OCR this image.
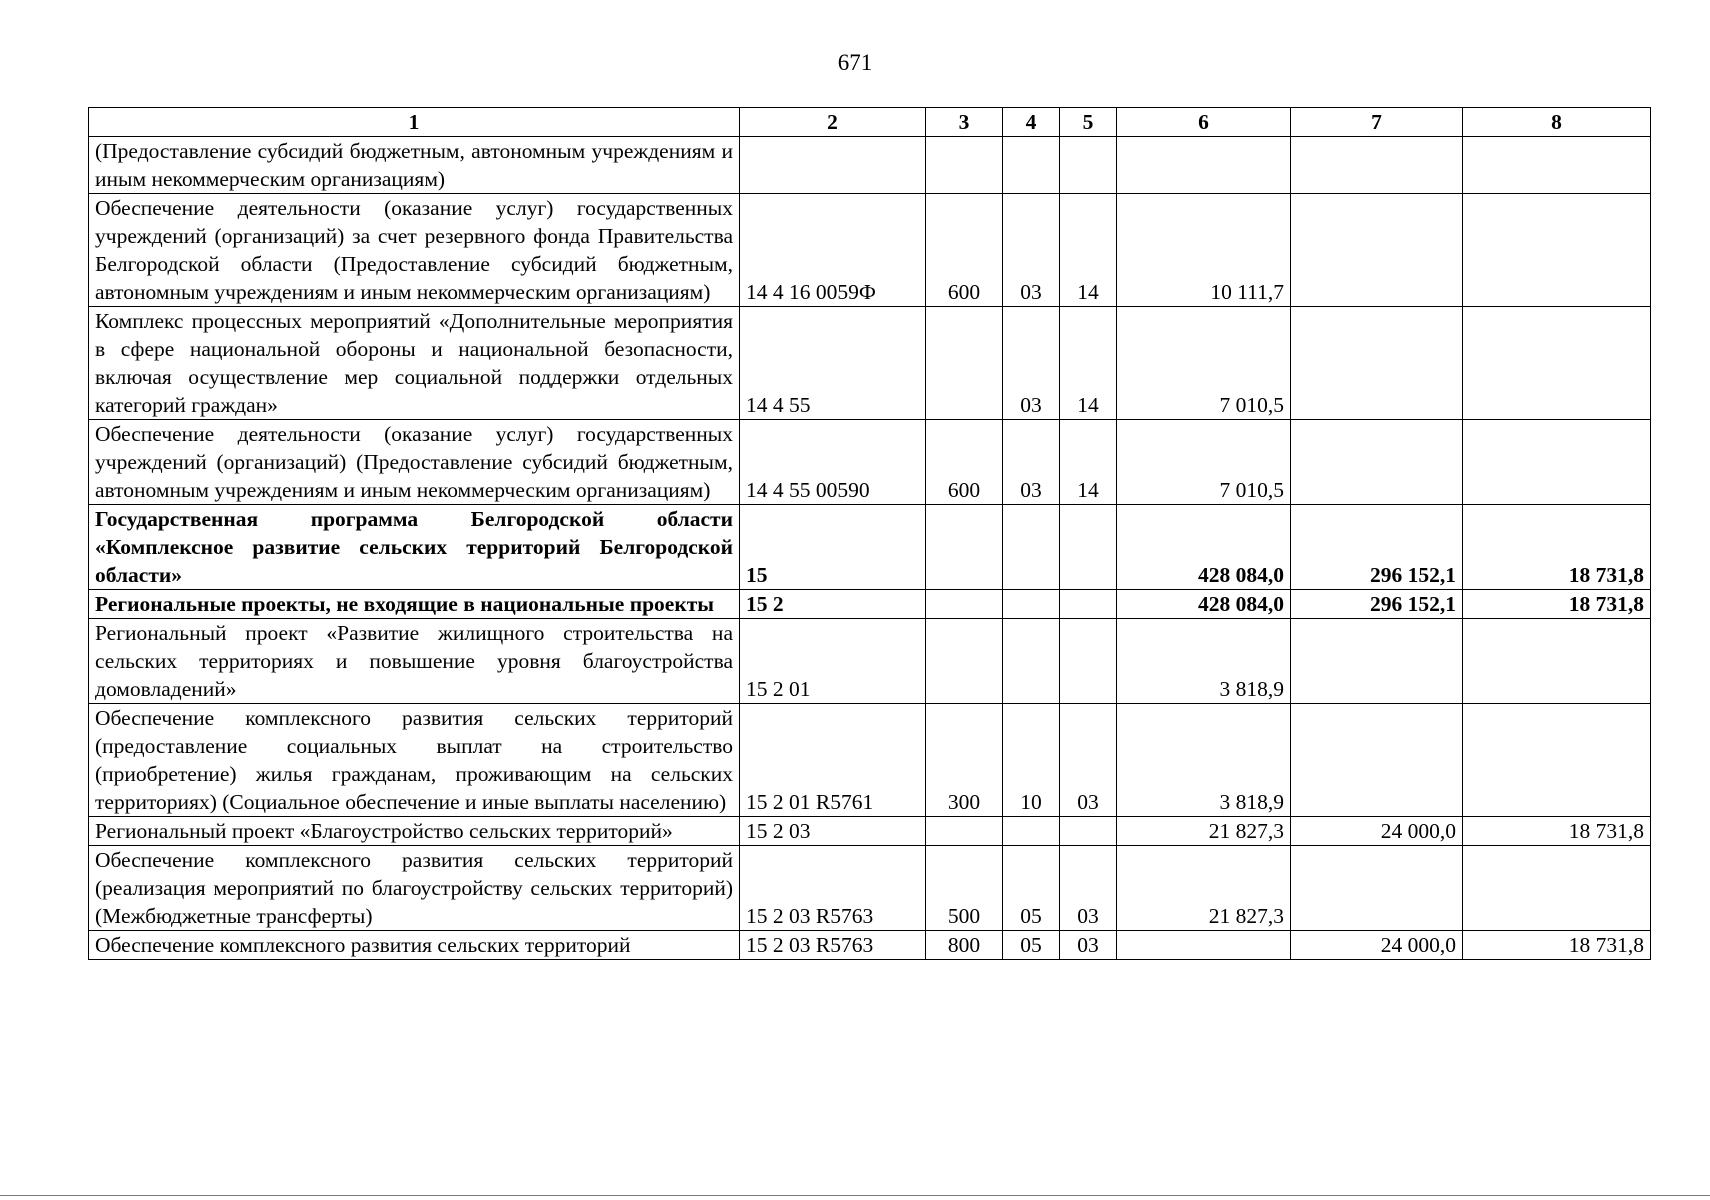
671
1	2	3	4	5	6	7	8
(Предоставление субсидий бюджетным, автономным учреждениям и иным некоммерческим организациям)							
Обеспечение деятельности (оказание услуг) государственных учреждений (организаций) за счет резервного фонда Правительства Белгородской области (Предоставление субсидий бюджетным, автономным учреждениям и иным некоммерческим организациям)	14 4 16 0059Ф	600	03	14	10 111,7		
Комплекс процессных мероприятий «Дополнительные мероприятия в сфере национальной обороны и национальной безопасности, включая осуществление мер социальной поддержки отдельных категорий граждан»	14 4 55		03	14	7 010,5		
Обеспечение деятельности (оказание услуг) государственных учреждений (организаций) (Предоставление субсидий бюджетным, автономным учреждениям и иным некоммерческим организациям)	14 4 55 00590	600	03	14	7 010,5		
Государственная программа Белгородской области «Комплексное развитие сельских территорий Белгородской области»	15				428 084,0	296 152,1	18 731,8
Региональные проекты, не входящие в национальные проекты	15 2				428 084,0	296 152,1	18 731,8
Региональный проект «Развитие жилищного строительства на сельских территориях и повышение уровня благоустройства домовладений»	15 2 01				3 818,9		
Обеспечение комплексного развития сельских территорий (предоставление социальных выплат на строительство (приобретение) жилья гражданам, проживающим на сельских территориях) (Социальное обеспечение и иные выплаты населению)	15 2 01 R5761	300	10	03	3 818,9		
Региональный проект «Благоустройство сельских территорий»	15 2 03				21 827,3	24 000,0	18 731,8
Обеспечение комплексного развития сельских территорий (реализация мероприятий по благоустройству сельских территорий) (Межбюджетные трансферты)	15 2 03 R5763	500	05	03	21 827,3		
Обеспечение комплексного развития сельских территорий	15 2 03 R5763	800	05	03		24 000,0	18 731,8
